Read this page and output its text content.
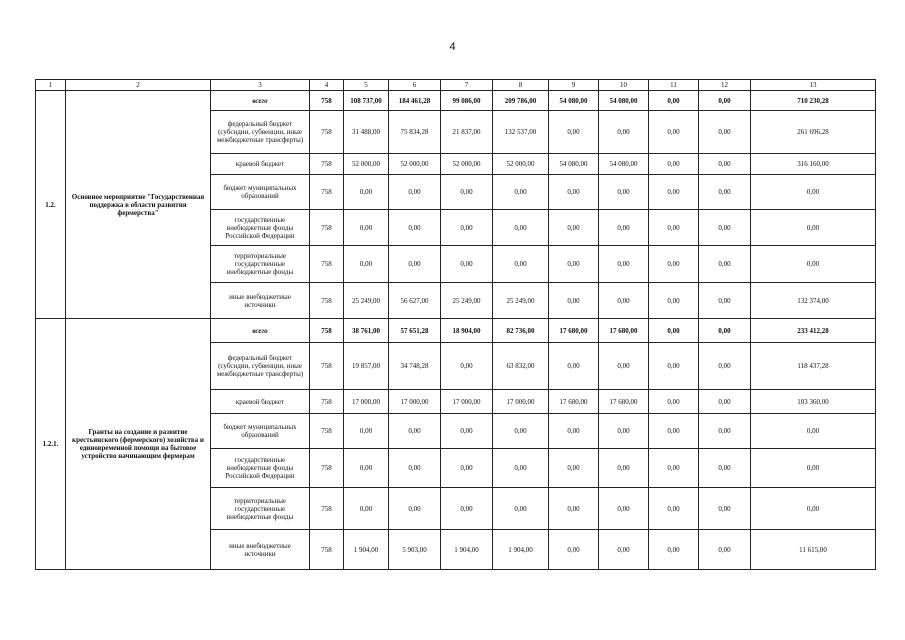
4
1	2	3	4	5	6	7	8	9	10	11	12	13
1.2.	Основное мероприятие "Государственная поддержка в области развития фермерства"	всего	758	108 737,00	184 461,28	99 086,00	209 786,00	54 080,00	54 080,00	0,00	0,00	710 230,28
		федеральный бюджет (субсидии, субвенции, иные межбюджетные трансферты)	758	31 488,00	75 834,28	21 837,00	132 537,00	0,00	0,00	0,00	0,00	261 696,28
		краевой бюджет	758	52 000,00	52 000,00	52 000,00	52 000,00	54 080,00	54 080,00	0,00	0,00	316 160,00
		бюджет муниципальных образований	758	0,00	0,00	0,00	0,00	0,00	0,00	0,00	0,00	0,00
		государственные внебюджетные фонды Российской Федерации	758	0,00	0,00	0,00	0,00	0,00	0,00	0,00	0,00	0,00
		территориальные государственные внебюджетные фонды	758	0,00	0,00	0,00	0,00	0,00	0,00	0,00	0,00	0,00
		иные внебюджетные источники	758	25 249,00	56 627,00	25 249,00	25 249,00	0,00	0,00	0,00	0,00	132 374,00
1.2.1.	Гранты на создание и развитие крестьянского (фермерского) хозяйства и единовременной помощи на бытовое устройство начинающим фермерам	всего	758	38 761,00	57 651,28	18 904,00	82 736,00	17 680,00	17 680,00	0,00	0,00	233 412,28
		федеральный бюджет (субсидии, субвенции, иные межбюджетные трансферты)	758	19 857,00	34 748,28	0,00	63 832,00	0,00	0,00	0,00	0,00	118 437,28
		краевой бюджет	758	17 000,00	17 000,00	17 000,00	17 000,00	17 680,00	17 680,00	0,00	0,00	103 360,00
		бюджет муниципальных образований	758	0,00	0,00	0,00	0,00	0,00	0,00	0,00	0,00	0,00
		государственные внебюджетные фонды Российской Федерации	758	0,00	0,00	0,00	0,00	0,00	0,00	0,00	0,00	0,00
		территориальные государственные внебюджетные фонды	758	0,00	0,00	0,00	0,00	0,00	0,00	0,00	0,00	0,00
		иные внебюджетные источники	758	1 904,00	5 903,00	1 904,00	1 904,00	0,00	0,00	0,00	0,00	11 615,00
